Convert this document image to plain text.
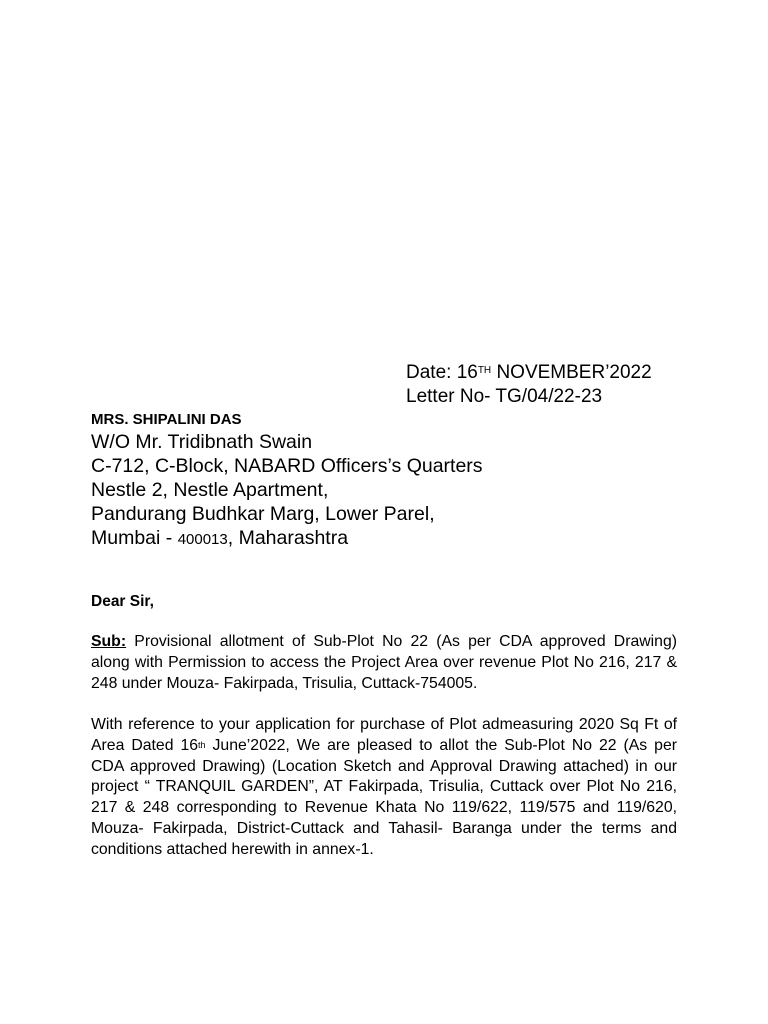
Date: 16TH NOVEMBER’2022
Letter No- TG/04/22-23
MRS. SHIPALINI DAS
W/O Mr. Tridibnath Swain
C-712, C-Block, NABARD Officers’s Quarters
Nestle 2, Nestle Apartment,
Pandurang Budhkar Marg, Lower Parel,
Mumbai - 400013, Maharashtra
Dear Sir,
Sub: Provisional allotment of Sub-Plot No 22 (As per CDA approved Drawing) along with Permission to access the Project Area over revenue Plot No 216, 217 & 248 under Mouza- Fakirpada, Trisulia, Cuttack-754005.
With reference to your application for purchase of Plot admeasuring 2020 Sq Ft of Area Dated 16th June’2022, We are pleased to allot the Sub-Plot No 22 (As per CDA approved Drawing) (Location Sketch and Approval Drawing attached) in our project “ TRANQUIL GARDEN”, AT Fakirpada, Trisulia, Cuttack over Plot No 216, 217 & 248 corresponding to Revenue Khata No 119/622, 119/575 and 119/620, Mouza- Fakirpada, District-Cuttack and Tahasil- Baranga under the terms and conditions attached herewith in annex-1.
